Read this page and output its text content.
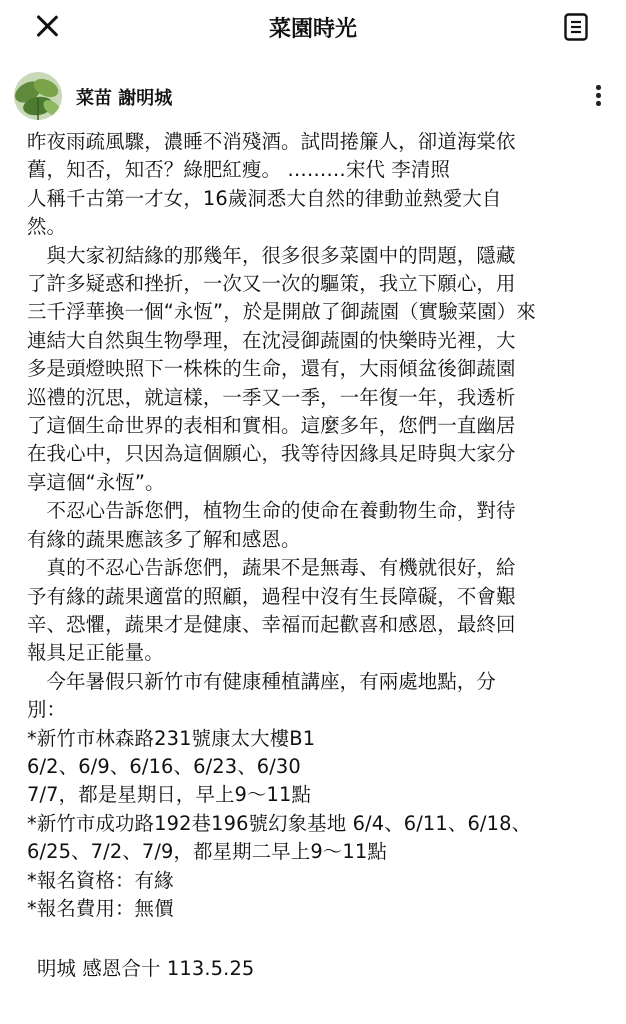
菜園時光
菜苗 謝明城

昨夜雨疏風驟，濃睡不消殘酒。試問捲簾人，卻道海棠依

舊，知否，知否？綠肥紅瘦。 ………宋代 李清照

人稱千古第一才女，16歲洞悉大自然的律動並熱愛大自

然。

　與大家初結緣的那幾年，很多很多菜園中的問題，隱藏

了許多疑惑和挫折，一次又一次的驅策，我立下願心，用

三千浮華換一個“永恆”，於是開啟了御蔬園（實驗菜園）來

連結大自然與生物學理，在沈浸御蔬園的快樂時光裡，大

多是頭燈映照下一株株的生命，還有，大雨傾盆後御蔬園

巡禮的沉思，就這樣，一季又一季，一年復一年，我透析

了這個生命世界的表相和實相。這麼多年，您們一直幽居

在我心中，只因為這個願心，我等待因緣具足時與大家分

享這個“永恆”。

　不忍心告訴您們，植物生命的使命在養動物生命，對待

有緣的蔬果應該多了解和感恩。

　真的不忍心告訴您們，蔬果不是無毒、有機就很好，給

予有緣的蔬果適當的照顧，過程中沒有生長障礙，不會艱

辛、恐懼，蔬果才是健康、幸福而起歡喜和感恩，最終回

報具足正能量。

　今年暑假只新竹市有健康種植講座，有兩處地點，分

別：

*新竹市林森路231號康太大樓B1

6/2、6/9、6/16、6/23、6/30

7/7，都是星期日，早上9～11點

*新竹市成功路192巷196號幻象基地 6/4、6/11、6/18、

6/25、7/2、7/9，都星期二早上9～11點

*報名資格：有緣

*報名費用：無價

明城 感恩合十 113.5.25
